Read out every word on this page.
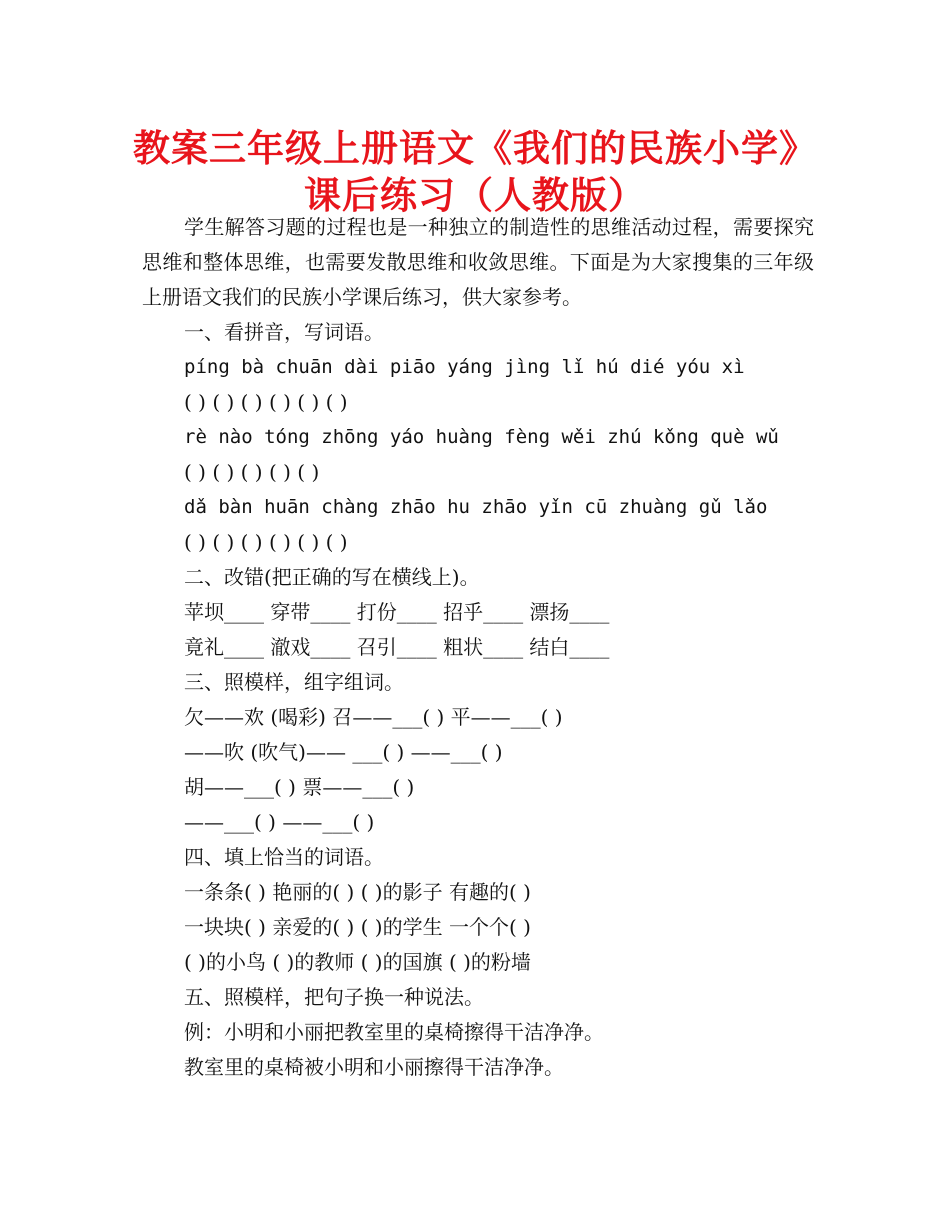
教案三年级上册语文《我们的民族小学》
课后练习（人教版）

学生解答习题的过程也是一种独立的制造性的思维活动过程，需要探究思维和整体思维，也需要发散思维和收敛思维。下面是为大家搜集的三年级上册语文我们的民族小学课后练习，供大家参考。

一、看拼音，写词语。
píng bà chuān dài piāo yáng jìng lǐ hú dié yóu xì
( ) ( ) ( ) ( ) ( ) ( )
rè nào tóng zhōng yáo huàng fèng wěi zhú kǒng què wǔ
( ) ( ) ( ) ( ) ( )
dǎ bàn huān chàng zhāo hu zhāo yǐn cū zhuàng gǔ lǎo
( ) ( ) ( ) ( ) ( ) ( )
二、改错(把正确的写在横线上)。
苹坝____ 穿带____ 打份____ 招乎____ 漂扬____
竟礼____ 澈戏____ 召引____ 粗状____ 结白____
三、照模样，组字组词。
欠——欢 (喝彩) 召——___( ) 平——___( )
——吹 (吹气)—— ___( ) ——___( )
胡——___( ) 票——___( )
——___( ) ——___( )
四、填上恰当的词语。
一条条( ) 艳丽的( ) ( )的影子 有趣的( )
一块块( ) 亲爱的( ) ( )的学生 一个个( )
( )的小鸟 ( )的教师 ( )的国旗 ( )的粉墙
五、照模样，把句子换一种说法。
例：小明和小丽把教室里的桌椅擦得干洁净净。
教室里的桌椅被小明和小丽擦得干洁净净。
